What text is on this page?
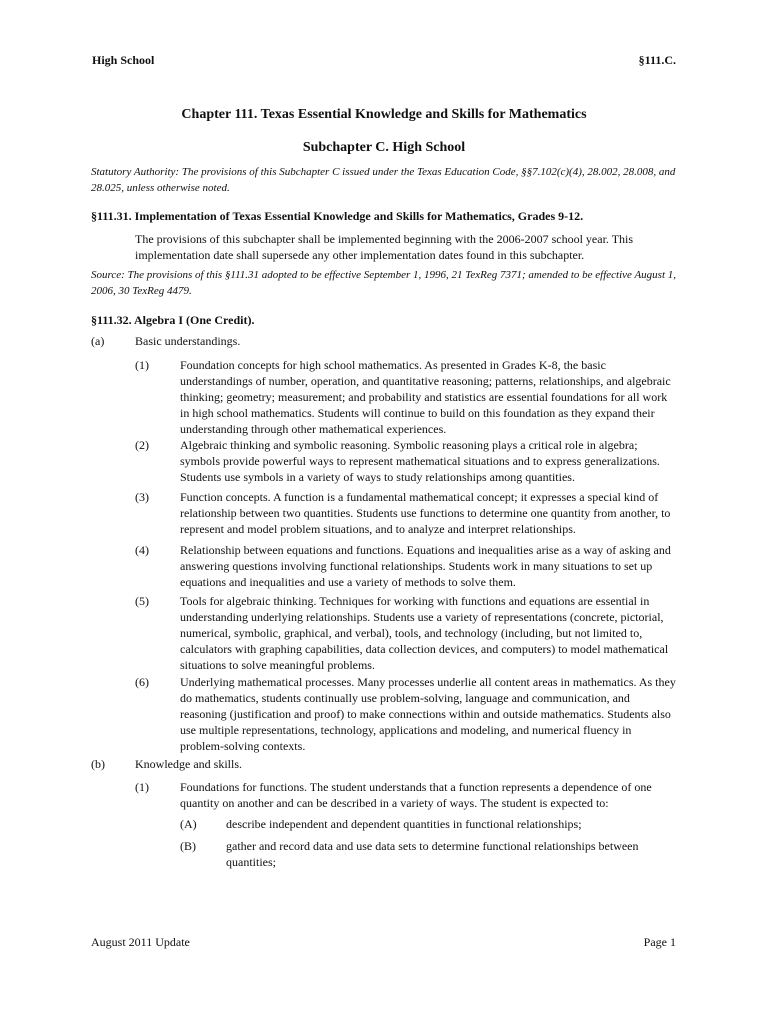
High School	§111.C.
Chapter 111. Texas Essential Knowledge and Skills for Mathematics
Subchapter C. High School
Statutory Authority: The provisions of this Subchapter C issued under the Texas Education Code, §§7.102(c)(4), 28.002, 28.008, and 28.025, unless otherwise noted.
§111.31. Implementation of Texas Essential Knowledge and Skills for Mathematics, Grades 9-12.
The provisions of this subchapter shall be implemented beginning with the 2006-2007 school year. This implementation date shall supersede any other implementation dates found in this subchapter.
Source: The provisions of this §111.31 adopted to be effective September 1, 1996, 21 TexReg 7371; amended to be effective August 1, 2006, 30 TexReg 4479.
§111.32. Algebra I (One Credit).
(a)	Basic understandings.
(1)	Foundation concepts for high school mathematics. As presented in Grades K-8, the basic understandings of number, operation, and quantitative reasoning; patterns, relationships, and algebraic thinking; geometry; measurement; and probability and statistics are essential foundations for all work in high school mathematics. Students will continue to build on this foundation as they expand their understanding through other mathematical experiences.
(2)	Algebraic thinking and symbolic reasoning. Symbolic reasoning plays a critical role in algebra; symbols provide powerful ways to represent mathematical situations and to express generalizations. Students use symbols in a variety of ways to study relationships among quantities.
(3)	Function concepts. A function is a fundamental mathematical concept; it expresses a special kind of relationship between two quantities. Students use functions to determine one quantity from another, to represent and model problem situations, and to analyze and interpret relationships.
(4)	Relationship between equations and functions. Equations and inequalities arise as a way of asking and answering questions involving functional relationships. Students work in many situations to set up equations and inequalities and use a variety of methods to solve them.
(5)	Tools for algebraic thinking. Techniques for working with functions and equations are essential in understanding underlying relationships. Students use a variety of representations (concrete, pictorial, numerical, symbolic, graphical, and verbal), tools, and technology (including, but not limited to, calculators with graphing capabilities, data collection devices, and computers) to model mathematical situations to solve meaningful problems.
(6)	Underlying mathematical processes. Many processes underlie all content areas in mathematics. As they do mathematics, students continually use problem-solving, language and communication, and reasoning (justification and proof) to make connections within and outside mathematics. Students also use multiple representations, technology, applications and modeling, and numerical fluency in problem-solving contexts.
(b)	Knowledge and skills.
(1)	Foundations for functions. The student understands that a function represents a dependence of one quantity on another and can be described in a variety of ways. The student is expected to:
(A) describe independent and dependent quantities in functional relationships;
(B)	gather and record data and use data sets to determine functional relationships between quantities;
August 2011 Update	Page 1
